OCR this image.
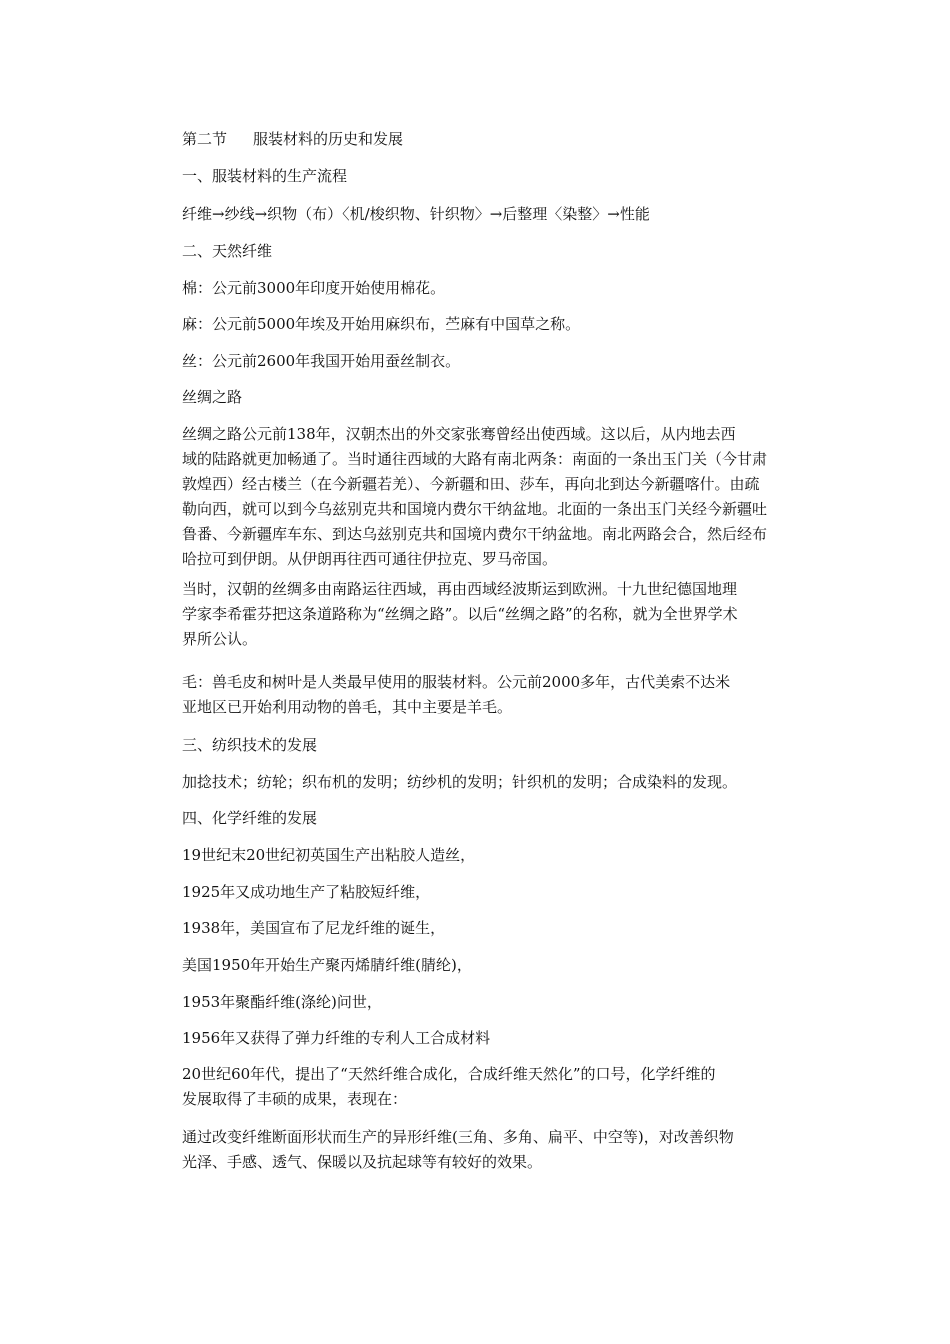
第二节 服装材料的历史和发展
一、服装材料的生产流程
纤维→纱线→织物（布）〈机/梭织物、针织物〉→后整理〈染整〉→性能
二、天然纤维
棉：公元前3000年印度开始使用棉花。
麻：公元前5000年埃及开始用麻织布，苎麻有中国草之称。
丝：公元前2600年我国开始用蚕丝制衣。
丝绸之路
丝绸之路公元前138年，汉朝杰出的外交家张骞曾经出使西域。这以后，从内地去西
域的陆路就更加畅通了。当时通往西域的大路有南北两条：南面的一条出玉门关（今甘肃
敦煌西）经古楼兰（在今新疆若羌）、今新疆和田、莎车，再向北到达今新疆喀什。由疏
勒向西，就可以到今乌兹别克共和国境内费尔干纳盆地。北面的一条出玉门关经今新疆吐
鲁番、今新疆库车东、到达乌兹别克共和国境内费尔干纳盆地。南北两路会合，然后经布
哈拉可到伊朗。从伊朗再往西可通往伊拉克、罗马帝国。
当时，汉朝的丝绸多由南路运往西域，再由西域经波斯运到欧洲。十九世纪德国地理
学家李希霍芬把这条道路称为“丝绸之路”。以后“丝绸之路”的名称，就为全世界学术
界所公认。
毛：兽毛皮和树叶是人类最早使用的服装材料。公元前2000多年，古代美索不达米
亚地区已开始利用动物的兽毛，其中主要是羊毛。
三、纺织技术的发展
加捻技术；纺轮；织布机的发明；纺纱机的发明；针织机的发明；合成染料的发现。
四、化学纤维的发展
19世纪末20世纪初英国生产出粘胶人造丝，
1925年又成功地生产了粘胶短纤维，
1938年，美国宣布了尼龙纤维的诞生，
美国1950年开始生产聚丙烯腈纤维(腈纶)，
1953年聚酯纤维(涤纶)问世，
1956年又获得了弹力纤维的专利人工合成材料
20世纪60年代，提出了“天然纤维合成化，合成纤维天然化”的口号，化学纤维的
发展取得了丰硕的成果，表现在：
通过改变纤维断面形状而生产的异形纤维(三角、多角、扁平、中空等)，对改善织物
光泽、手感、透气、保暖以及抗起球等有较好的效果。
